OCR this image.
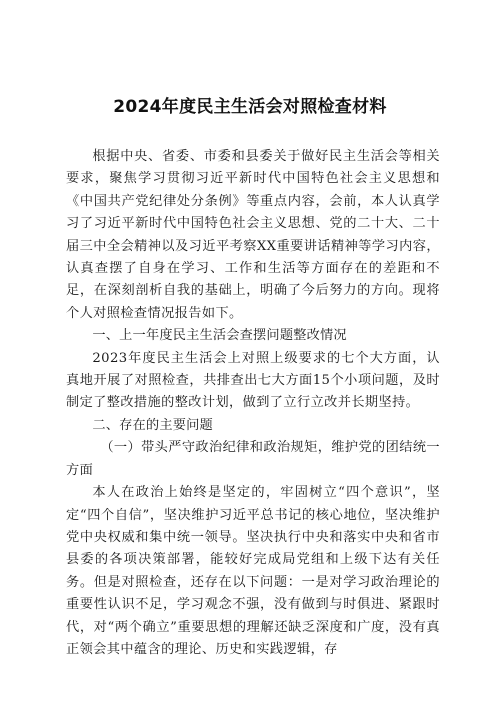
2024年度民主生活会对照检查材料

根据中央、省委、市委和县委关于做好民主生活会等相关要求，聚焦学习贯彻习近平新时代中国特色社会主义思想和《中国共产党纪律处分条例》等重点内容，会前，本人认真学习了习近平新时代中国特色社会主义思想、党的二十大、二十届三中全会精神以及习近平考察XX重要讲话精神等学习内容，认真查摆了自身在学习、工作和生活等方面存在的差距和不足，在深刻剖析自我的基础上，明确了今后努力的方向。现将个人对照检查情况报告如下。

一、上一年度民主生活会查摆问题整改情况

2023年度民主生活会上对照上级要求的七个大方面，认真地开展了对照检查，共排查出七大方面15个小项问题，及时制定了整改措施的整改计划，做到了立行立改并长期坚持。

二、存在的主要问题

（一）带头严守政治纪律和政治规矩，维护党的团结统一方面

本人在政治上始终是坚定的，牢固树立“四个意识”，坚定“四个自信”，坚决维护习近平总书记的核心地位，坚决维护党中央权威和集中统一领导。坚决执行中央和落实中央和省市县委的各项决策部署，能较好完成局党组和上级下达有关任务。但是对照检查，还存在以下问题：一是对学习政治理论的重要性认识不足，学习观念不强，没有做到与时俱进、紧跟时代，对“两个确立”重要思想的理解还缺乏深度和广度，没有真正领会其中蕴含的理论、历史和实践逻辑，存
